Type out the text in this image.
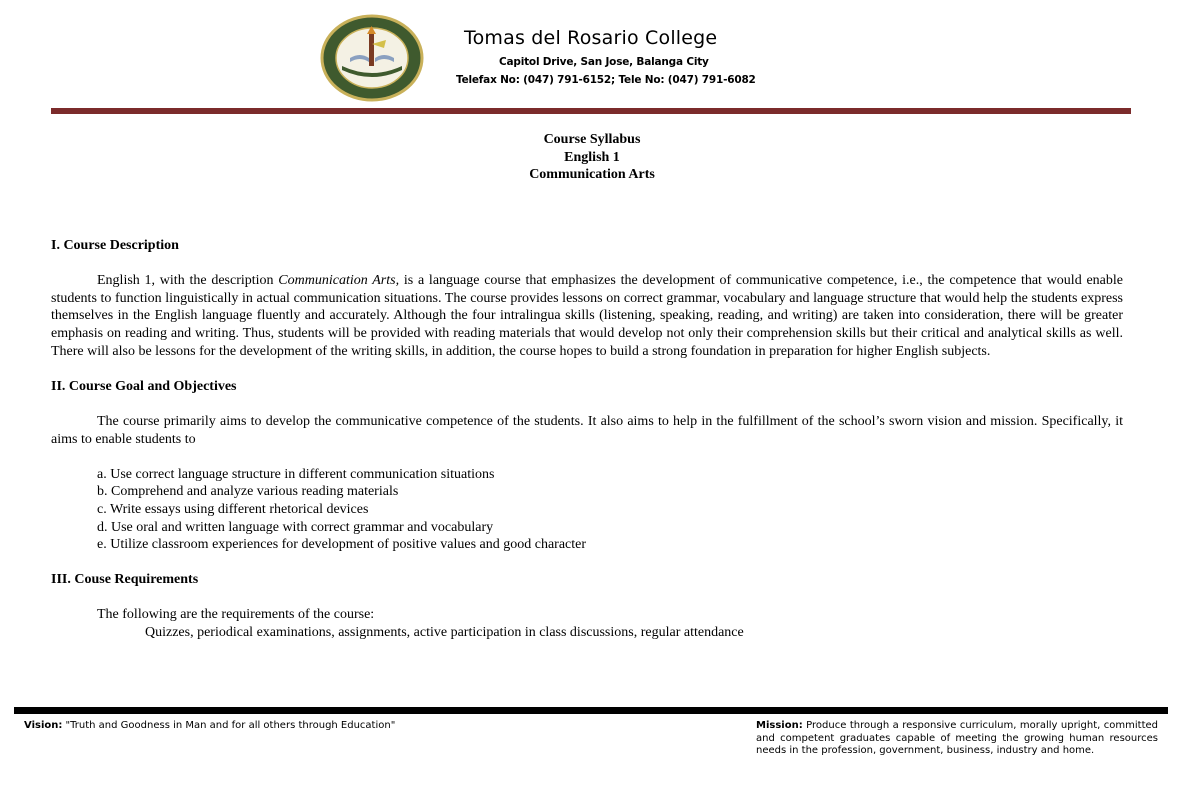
Tomas del Rosario College
Capitol Drive, San Jose, Balanga City
Telefax No: (047) 791-6152; Tele No: (047) 791-6082
Course Syllabus
English 1
Communication Arts

I. Course Description

English 1, with the description Communication Arts, is a language course that emphasizes the development of communicative competence, i.e., the competence that would enable students to function linguistically in actual communication situations. The course provides lessons on correct grammar, vocabulary and language structure that would help the students express themselves in the English language fluently and accurately. Although the four intralingua skills (listening, speaking, reading, and writing) are taken into consideration, there will be greater emphasis on reading and writing. Thus, students will be provided with reading materials that would develop not only their comprehension skills but their critical and analytical skills as well. There will also be lessons for the development of the writing skills, in addition, the course hopes to build a strong foundation in preparation for higher English subjects.

II. Course Goal and Objectives

The course primarily aims to develop the communicative competence of the students. It also aims to help in the fulfillment of the school’s sworn vision and mission. Specifically, it aims to enable students to

a. Use correct language structure in different communication situations
b. Comprehend and analyze various reading materials
c. Write essays using different rhetorical devices
d. Use oral and written language with correct grammar and vocabulary
e. Utilize classroom experiences for development of positive values and good character

III. Couse Requirements

The following are the requirements of the course:

Quizzes, periodical examinations, assignments, active participation in class discussions, regular attendance

Vision: "Truth and Goodness in Man and for all others through Education"	Mission: Produce through a responsive curriculum, morally upright, committed and competent graduates capable of meeting the growing human resources needs in the profession, government, business, industry and home.
